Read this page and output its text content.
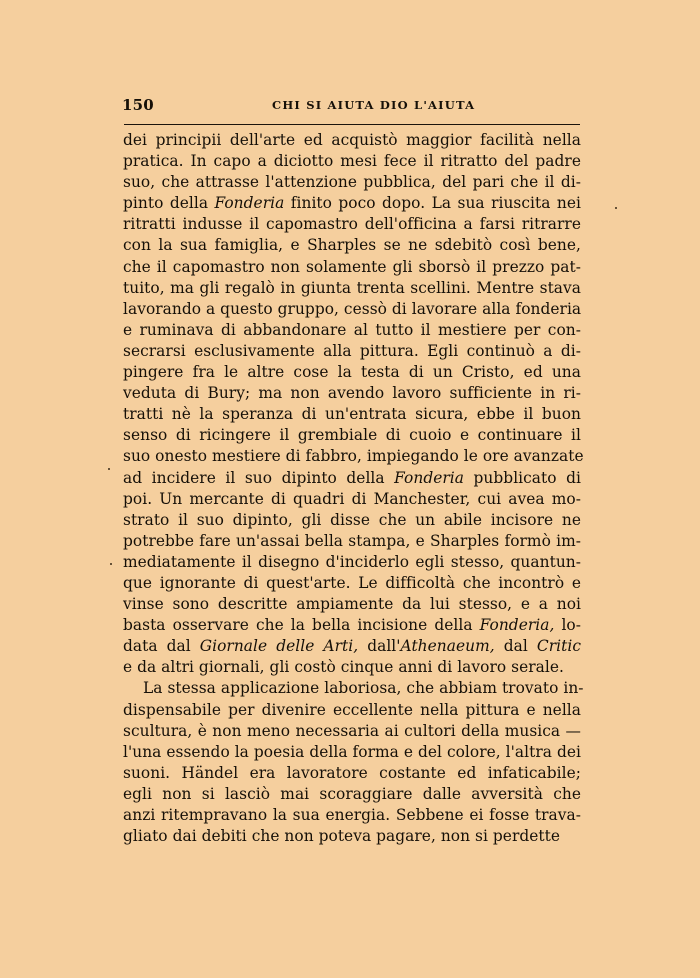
150	CHI SI AIUTA DIO L'AIUTA
dei principii dell'arte ed acquistò maggior facilità nella
pratica. In capo a diciotto mesi fece il ritratto del padre
suo, che attrasse l'attenzione pubblica, del pari che il di-
pinto della Fonderia finito poco dopo. La sua riuscita nei
ritratti indusse il capomastro dell'officina a farsi ritrarre
con la sua famiglia, e Sharples se ne sdebitò così bene,
che il capomastro non solamente gli sborsò il prezzo pat-
tuito, ma gli regalò in giunta trenta scellini. Mentre stava
lavorando a questo gruppo, cessò di lavorare alla fonderia
e ruminava di abbandonare al tutto il mestiere per con-
secrarsi esclusivamente alla pittura. Egli continuò a di-
pingere fra le altre cose la testa di un Cristo, ed una
veduta di Bury; ma non avendo lavoro sufficiente in ri-
tratti nè la speranza di un'entrata sicura, ebbe il buon
senso di ricingere il grembiale di cuoio e continuare il
suo onesto mestiere di fabbro, impiegando le ore avanzate
ad incidere il suo dipinto della Fonderia pubblicato di
poi. Un mercante di quadri di Manchester, cui avea mo-
strato il suo dipinto, gli disse che un abile incisore ne
potrebbe fare un'assai bella stampa, e Sharples formò im-
mediatamente il disegno d'inciderlo egli stesso, quantun-
que ignorante di quest'arte. Le difficoltà che incontrò e
vinse sono descritte ampiamente da lui stesso, e a noi
basta osservare che la bella incisione della Fonderia, lo-
data dal Giornale delle Arti, dall'Athenaeum, dal Critic
e da altri giornali, gli costò cinque anni di lavoro serale.
La stessa applicazione laboriosa, che abbiam trovato in-
dispensabile per divenire eccellente nella pittura e nella
scultura, è non meno necessaria ai cultori della musica —
l'una essendo la poesia della forma e del colore, l'altra dei
suoni. Händel era lavoratore costante ed infaticabile;
egli non si lasciò mai scoraggiare dalle avversità che
anzi ritempravano la sua energia. Sebbene ei fosse trava-
gliato dai debiti che non poteva pagare, non si perdette
